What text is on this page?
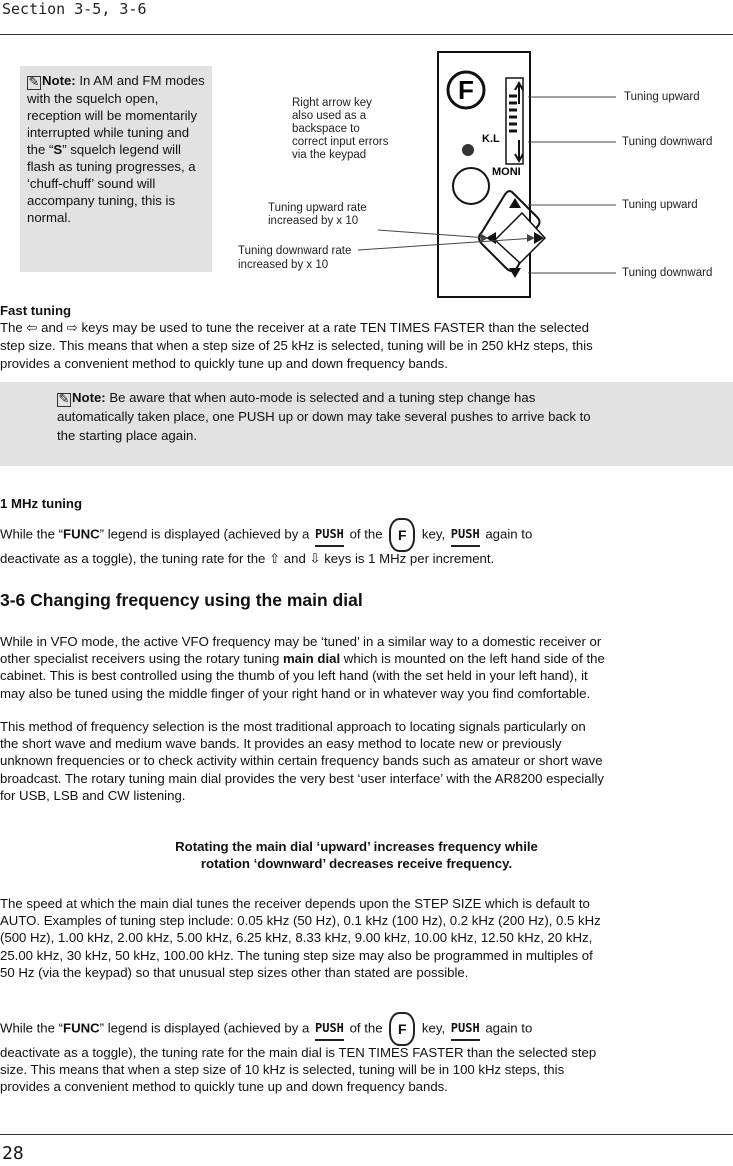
Section 3-5, 3-6
✎ Note: In AM and FM modes with the squelch open, reception will be momentarily interrupted while tuning and the “S” squelch legend will flash as tuning progresses, a ‘chuff-chuff’ sound will accompany tuning, this is normal.
F
K.L
MONI
Right arrow key
also used as a
backspace to
correct input errors
via the keypad
Tuning upward rate
increased by x 10
Tuning downward rate
increased by x 10
Tuning upward
Tuning downward
Tuning upward
Tuning downward
Fast tuning
The ⇦ and ⇨ keys may be used to tune the receiver at a rate TEN TIMES FASTER than the selected
step size. This means that when a step size of 25 kHz is selected, tuning will be in 250 kHz steps, this
provides a convenient method to quickly tune up and down frequency bands.
✎ Note: Be aware that when auto-mode is selected and a tuning step change has
automatically taken place, one PUSH up or down may take several pushes to arrive back to
the starting place again.
1 MHz tuning
While the “FUNC” legend is displayed (achieved by a PUSH of the F key, PUSH again to
deactivate as a toggle), the tuning rate for the ⇧ and ⇩ keys is 1 MHz per increment.
3-6 Changing frequency using the main dial
While in VFO mode, the active VFO frequency may be ‘tuned’ in a similar way to a domestic receiver or
other specialist receivers using the rotary tuning main dial which is mounted on the left hand side of the
cabinet. This is best controlled using the thumb of you left hand (with the set held in your left hand), it
may also be tuned using the middle finger of your right hand or in whatever way you find comfortable.
This method of frequency selection is the most traditional approach to locating signals particularly on
the short wave and medium wave bands. It provides an easy method to locate new or previously
unknown frequencies or to check activity within certain frequency bands such as amateur or short wave
broadcast. The rotary tuning main dial provides the very best ‘user interface’ with the AR8200 especially
for USB, LSB and CW listening.
Rotating the main dial ‘upward’ increases frequency while
rotation ‘downward’ decreases receive frequency.
The speed at which the main dial tunes the receiver depends upon the STEP SIZE which is default to
AUTO. Examples of tuning step include: 0.05 kHz (50 Hz), 0.1 kHz (100 Hz), 0.2 kHz (200 Hz), 0.5 kHz
(500 Hz), 1.00 kHz, 2.00 kHz, 5.00 kHz, 6.25 kHz, 8.33 kHz, 9.00 kHz, 10.00 kHz, 12.50 kHz, 20 kHz,
25.00 kHz, 30 kHz, 50 kHz, 100.00 kHz. The tuning step size may also be programmed in multiples of
50 Hz (via the keypad) so that unusual step sizes other than stated are possible.
While the “FUNC” legend is displayed (achieved by a PUSH of the F key, PUSH again to
deactivate as a toggle), the tuning rate for the main dial is TEN TIMES FASTER than the selected step
size. This means that when a step size of 10 kHz is selected, tuning will be in 100 kHz steps, this
provides a convenient method to quickly tune up and down frequency bands.
28
